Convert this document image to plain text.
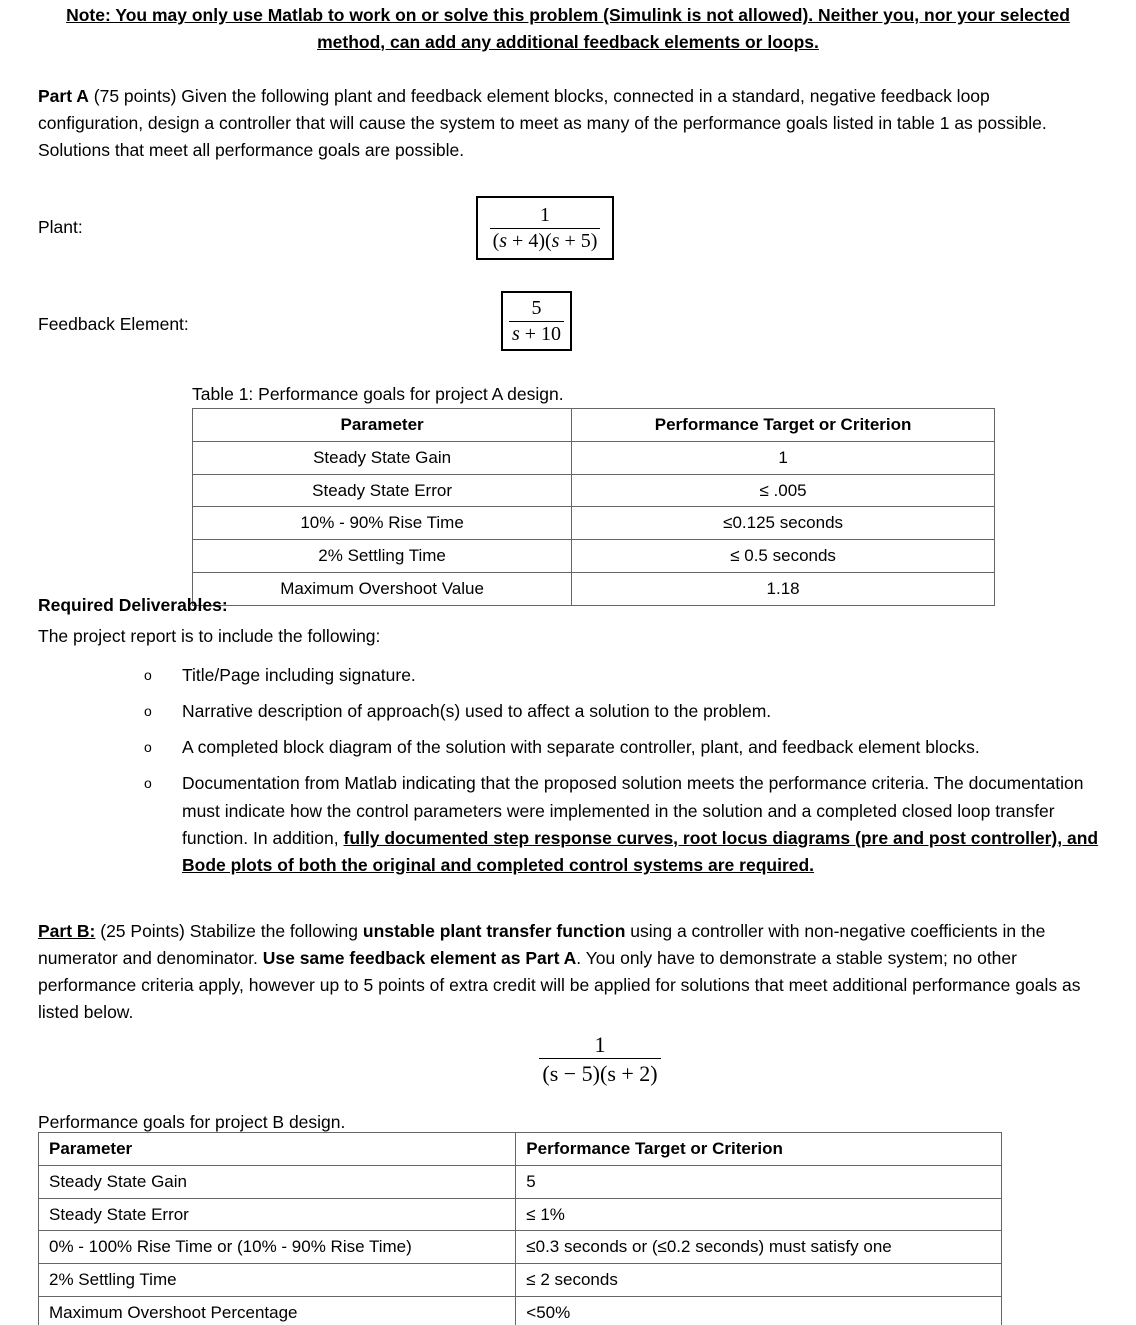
Note: You may only use Matlab to work on or solve this problem (Simulink is not allowed). Neither you, nor your selected method, can add any additional feedback elements or loops.
Part A (75 points) Given the following plant and feedback element blocks, connected in a standard, negative feedback loop configuration, design a controller that will cause the system to meet as many of the performance goals listed in table 1 as possible. Solutions that meet all performance goals are possible.
Plant:	$\frac{1}{(s + 4)(s + 5)}$
Feedback Element:	$\frac{5}{s + 10}$
Table 1: Performance goals for project A design.
Parameter	Performance Target or Criterion
Steady State Gain	1
Steady State Error	≤ .005
10% - 90% Rise Time	≤0.125 seconds
2% Settling Time	≤ 0.5 seconds
Maximum Overshoot Value	1.18
Required Deliverables:
The project report is to include the following:
o	Title/Page including signature.
o	Narrative description of approach(s) used to affect a solution to the problem.
o	A completed block diagram of the solution with separate controller, plant, and feedback element blocks.
o	Documentation from Matlab indicating that the proposed solution meets the performance criteria. The documentation must indicate how the control parameters were implemented in the solution and a completed closed loop transfer function. In addition, fully documented step response curves, root locus diagrams (pre and post controller), and Bode plots of both the original and completed control systems are required.
Part B: (25 Points) Stabilize the following unstable plant transfer function using a controller with non-negative coefficients in the numerator and denominator. Use same feedback element as Part A. You only have to demonstrate a stable system; no other performance criteria apply, however up to 5 points of extra credit will be applied for solutions that meet additional performance goals as listed below.
$\frac{1}{(s - 5)(s + 2)}$
Performance goals for project B design.
Parameter	Performance Target or Criterion
Steady State Gain	5
Steady State Error	≤ 1%
0% - 100% Rise Time or (10% - 90% Rise Time)	≤0.3 seconds or (≤0.2 seconds) must satisfy one
2% Settling Time	≤ 2 seconds
Maximum Overshoot Percentage	<50%
